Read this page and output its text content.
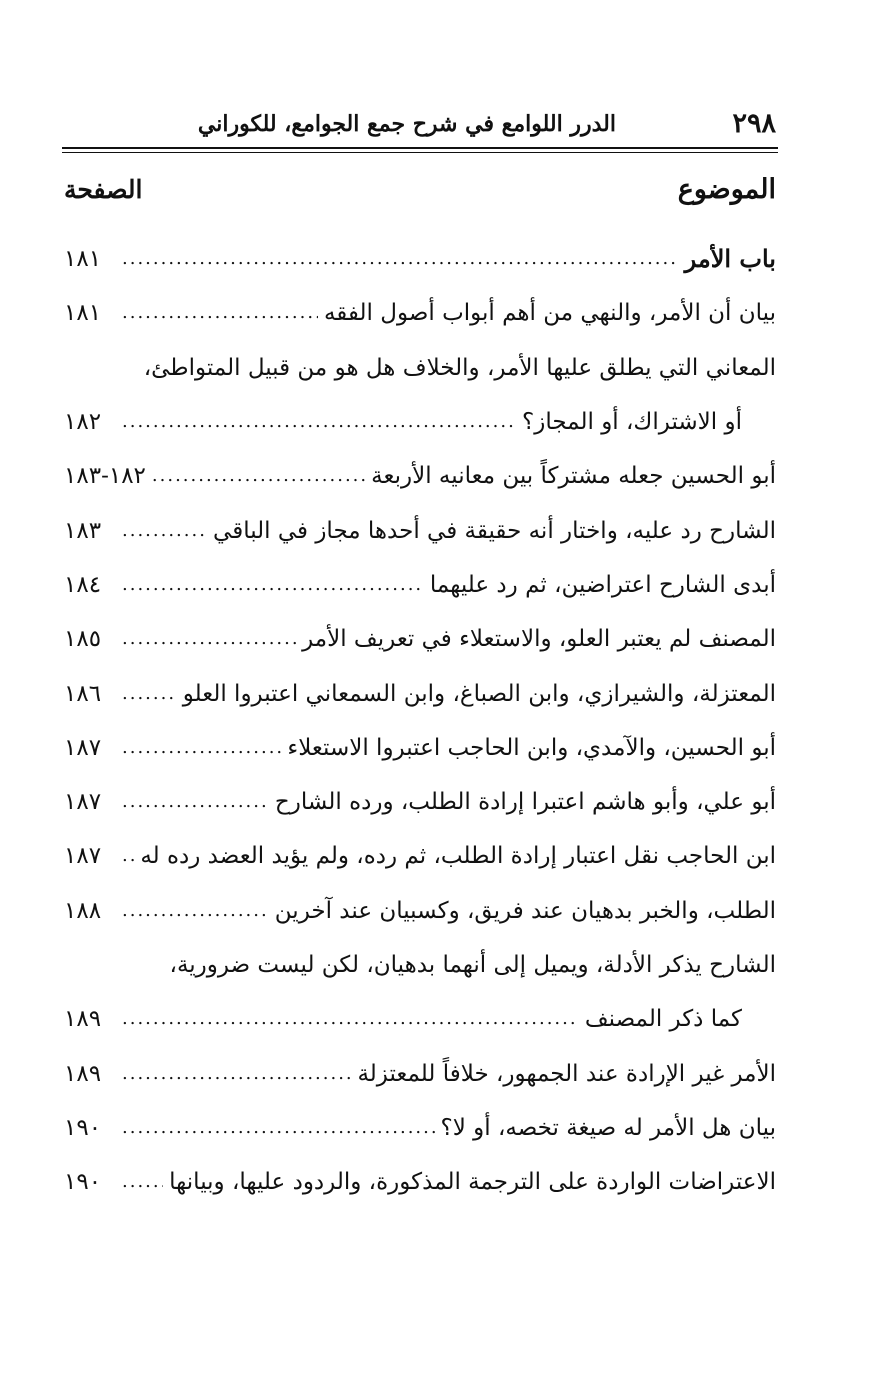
٢٩٨
الدرر اللوامع في شرح جمع الجوامع، للكوراني
الموضوع
الصفحة
باب الأمر
.....
١٨١
بيان أن الأمر، والنهي من أهم أبواب أصول الفقه
.....
١٨١
المعاني التي يطلق عليها الأمر، والخلاف هل هو من قبيل المتواطئ،
أو الاشتراك، أو المجاز؟
.....
١٨٢
أبو الحسين جعله مشتركاً بين معانيه الأربعة
.....
١٨٢-١٨٣
الشارح رد عليه، واختار أنه حقيقة في أحدها مجاز في الباقي
.....
١٨٣
أبدى الشارح اعتراضين، ثم رد عليهما
.....
١٨٤
المصنف لم يعتبر العلو، والاستعلاء في تعريف الأمر
.....
١٨٥
المعتزلة، والشيرازي، وابن الصباغ، وابن السمعاني اعتبروا العلو
.....
١٨٦
أبو الحسين، والآمدي، وابن الحاجب اعتبروا الاستعلاء
.....
١٨٧
أبو علي، وأبو هاشم اعتبرا إرادة الطلب، ورده الشارح
.....
١٨٧
ابن الحاجب نقل اعتبار إرادة الطلب، ثم رده، ولم يؤيد العضد رده له
.....
١٨٧
الطلب، والخبر بدهيان عند فريق، وكسبيان عند آخرين
.....
١٨٨
الشارح يذكر الأدلة، ويميل إلى أنهما بدهيان، لكن ليست ضرورية،
كما ذكر المصنف
.....
١٨٩
الأمر غير الإرادة عند الجمهور، خلافاً للمعتزلة
.....
١٨٩
بيان هل الأمر له صيغة تخصه، أو لا؟
.....
١٩٠
الاعتراضات الواردة على الترجمة المذكورة، والردود عليها، وبيانها
.....
١٩٠
